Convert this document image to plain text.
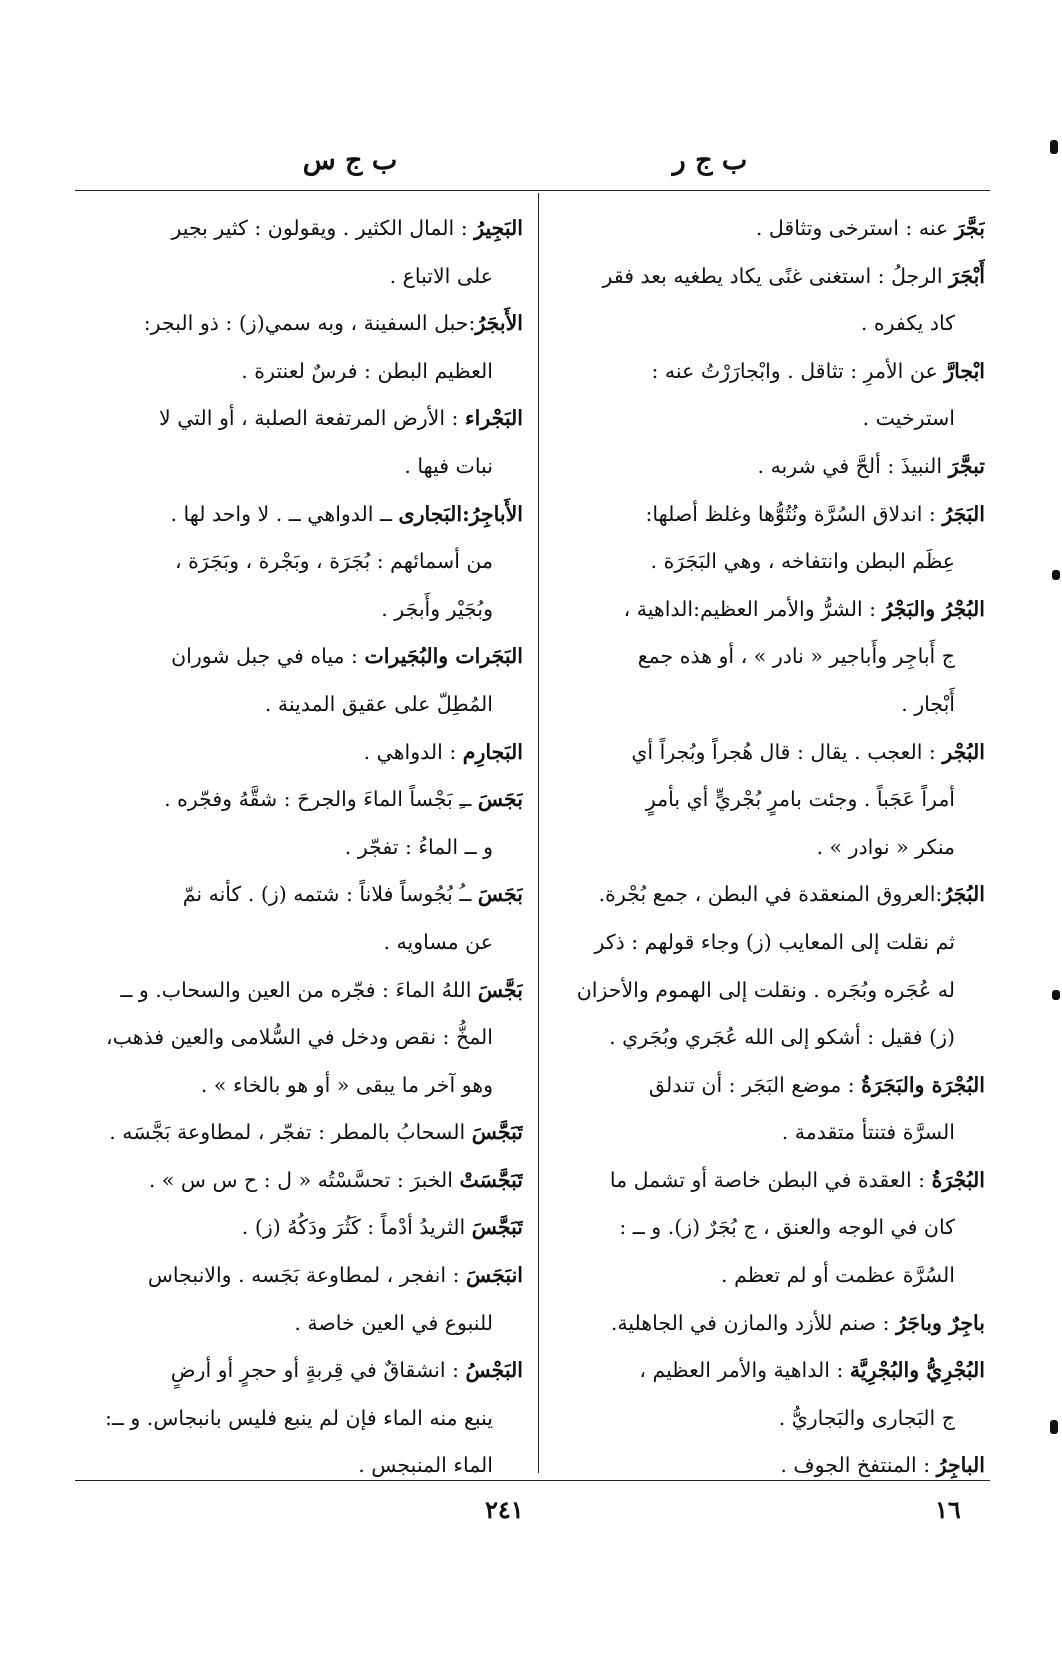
ب ج ر
ب ج س
بَجَّرَ عنه : استرخى وتثاقل .
أَبْجَرَ الرجلُ : استغنى غنًى يكاد يطغيه بعد فقر
كاد يكفره .
ابْجارَّ عن الأمرِ : تثاقل . وابْجارَرْتُ عنه :
استرخيت .
تبجَّرَ النبيذَ : ألحَّ في شربه .
البَجَرُ : اندلاق السُرَّة ونُتُوُّها وغلظ أصلها:
عِظَم البطن وانتفاخه ، وهي البَجَرَة .
البُجْرُ والبَجْرُ : الشرُّ والأمر العظيم:الداهية ،
ج أَباجِر وأَباجير « نادر » ، أو هذه جمع
أَبْجار .
البُجْر : العجب . يقال : قال هُجراً وبُجراً أي
أمراً عَجَباً . وجئت بامرٍ بُجْريٍّ أي بأمرٍ
منكر « نوادر » .
البُجَرُ:العروق المنعقدة في البطن ، جمع بُجْرة.
ثم نقلت إلى المعايب (ز) وجاء قولهم : ذكر
له عُجَره وبُجَره . ونقلت إلى الهموم والأحزان
(ز) فقيل : أشكو إلى الله عُجَري وبُجَري .
البُجْرَة والبَجَرَةُ : موضع البَجَر : أن تندلق
السرَّة فتنتأ متقدمة .
البُجْرَةُ : العقدة في البطن خاصة أو تشمل ما
كان في الوجه والعنق ، ج بُجَرٌ (ز). و ــ :
السُرَّة عظمت أو لم تعظم .
باجِرٌ وباجَرُ : صنم للأزد والمازن في الجاهلية.
البُجْرِيُّ والبُجْرِيَّة : الداهية والأمر العظيم ،
ج البَجارى والبَجاريُّ .
الباجِرُ : المنتفخ الجوف .
البَجِيرُ : المال الكثير . ويقولون : كثير بجير
على الاتباع .
الأَبجَرُ:حبل السفينة ، وبه سمي(ز) : ذو البجر:
العظيم البطن : فرسٌ لعنترة .
البَجْراء : الأرض المرتفعة الصلبة ، أو التي لا
نبات فيها .
الأَباجِرُ:البَجارى ــ الدواهي ــ . لا واحد لها .
من أسمائهم : بُجَرَة ، وبَجْرة ، وبَجَرَة ،
وبُجَيْر وأَبجَر .
البَجَرات والبُجَيرات : مياه في جبل شوران
المُطِلّ على عقيق المدينة .
البَجارِم : الدواهي .
بَجَسَ ــِ بَجْساً الماءَ والجرحَ : شقَّهُ وفجّره .
و ــ الماءُ : تفجّر .
بَجَسَ ــُ بُجُوساً فلاناً : شتمه (ز) . كأنه نمّ
عن مساويه .
بَجَّسَ اللهُ الماءَ : فجّره من العين والسحاب. و ــ
المخُّ : نقص ودخل في السُّلامى والعين فذهب،
وهو آخر ما يبقى « أو هو بالخاء » .
تَبَجَّسَ السحابُ بالمطر : تفجّر ، لمطاوعة بَجَّسَه .
تَبَجَّسَتْ الخبرَ : تحسَّسْتُه « ل : ح س س » .
تَبَجَّسَ الثريدُ أدْماً : كَثُرَ ودَكُهُ (ز) .
انبَجَسَ : انفجر ، لمطاوعة بَجَسه . والانبجاس
للنبوع في العين خاصة .
البَجْسُ : انشقاقٌ في قِربةٍ أو حجرٍ أو أرضٍ
ينبع منه الماء فإن لم ينبع فليس بانبجاس. و ــ:
الماء المنبجس .
١٦
٢٤١
